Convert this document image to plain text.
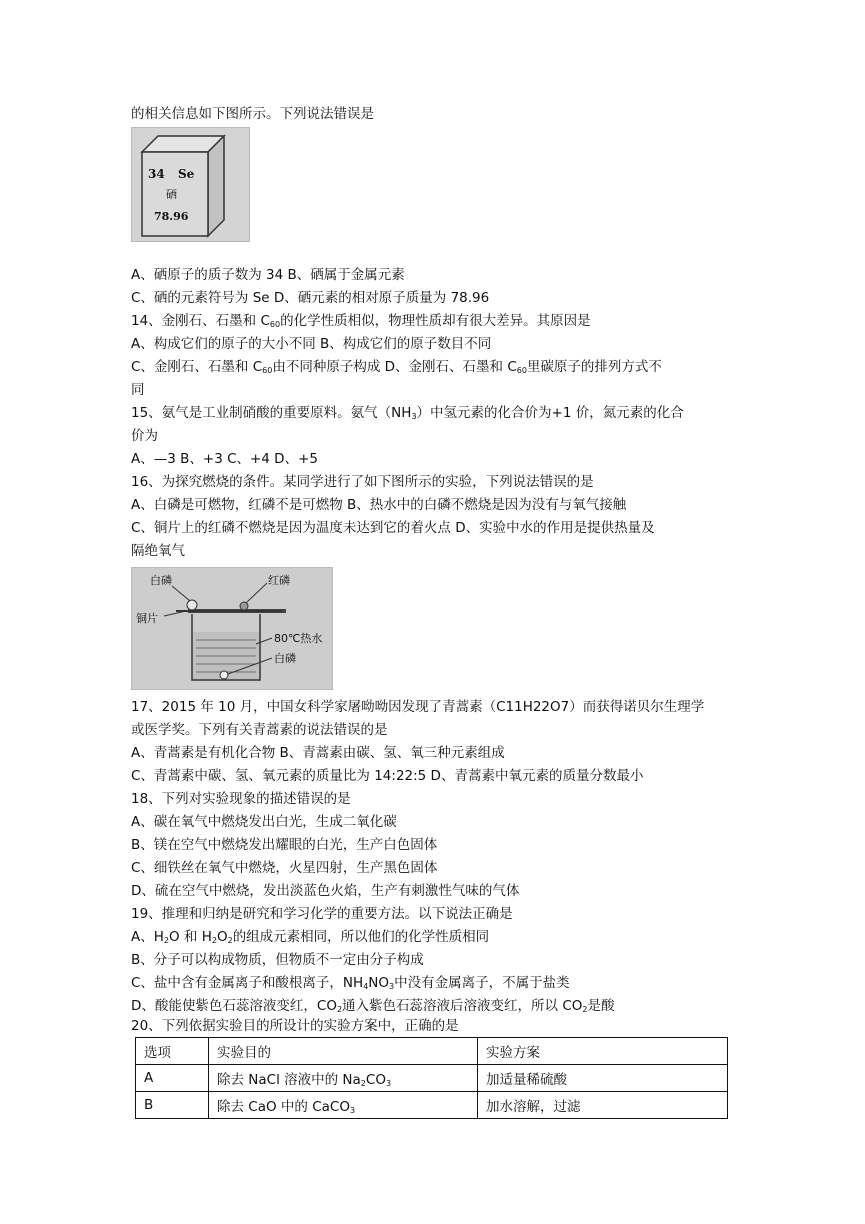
的相关信息如下图所示。下列说法错误是
34 Se
硒
78.96
A、硒原子的质子数为 34 B、硒属于金属元素
C、硒的元素符号为 Se D、硒元素的相对原子质量为 78.96
14、金刚石、石墨和 $C_{60}$的化学性质相似，物理性质却有很大差异。其原因是
A、构成它们的原子的大小不同 B、构成它们的原子数目不同
C、金刚石、石墨和 $C_{60}$由不同种原子构成 D、金刚石、石墨和 $C_{60}$里碳原子的排列方式不
同
15、氨气是工业制硝酸的重要原料。氨气$(NH_3)$中氢元素的化合价为+1 价，氮元素的化合
价为
A、—3 B、+3 C、+4 D、+5
16、为探究燃烧的条件。某同学进行了如下图所示的实验，下列说法错误的是
A、白磷是可燃物，红磷不是可燃物 B、热水中的白磷不燃烧是因为没有与氧气接触
C、铜片上的红磷不燃烧是因为温度未达到它的着火点 D、实验中水的作用是提供热量及
隔绝氧气
白磷	红磷
铜片
80℃热水
白磷
17、2015 年 10 月，中国女科学家屠呦呦因发现了青蒿素（C11H22O7）而获得诺贝尔生理学
或医学奖。下列有关青蒿素的说法错误的是
A、青蒿素是有机化合物 B、青蒿素由碳、氢、氧三种元素组成
C、青蒿素中碳、氢、氧元素的质量比为 14:22:5 D、青蒿素中氧元素的质量分数最小
18、下列对实验现象的描述错误的是
A、碳在氧气中燃烧发出白光，生成二氧化碳
B、镁在空气中燃烧发出耀眼的白光，生产白色固体
C、细铁丝在氧气中燃烧，火星四射，生产黑色固体
D、硫在空气中燃烧，发出淡蓝色火焰，生产有刺激性气味的气体
19、推理和归纳是研究和学习化学的重要方法。以下说法正确是
A、$H_2O$ 和 $H_2O_2$的组成元素相同，所以他们的化学性质相同
B、分子可以构成物质，但物质不一定由分子构成
C、盐中含有金属离子和酸根离子，$NH_4NO_3$中没有金属离子，不属于盐类
D、酸能使紫色石蕊溶液变红，$CO_2$通入紫色石蕊溶液后溶液变红，所以 $CO_2$是酸
20、下列依据实验目的所设计的实验方案中，正确的是
选项	实验目的	实验方案
A	除去 NaCl 溶液中的 $Na_2CO_3$	加适量稀硫酸
B	除去 CaO 中的 CaCO$_3$	加水溶解，过滤
